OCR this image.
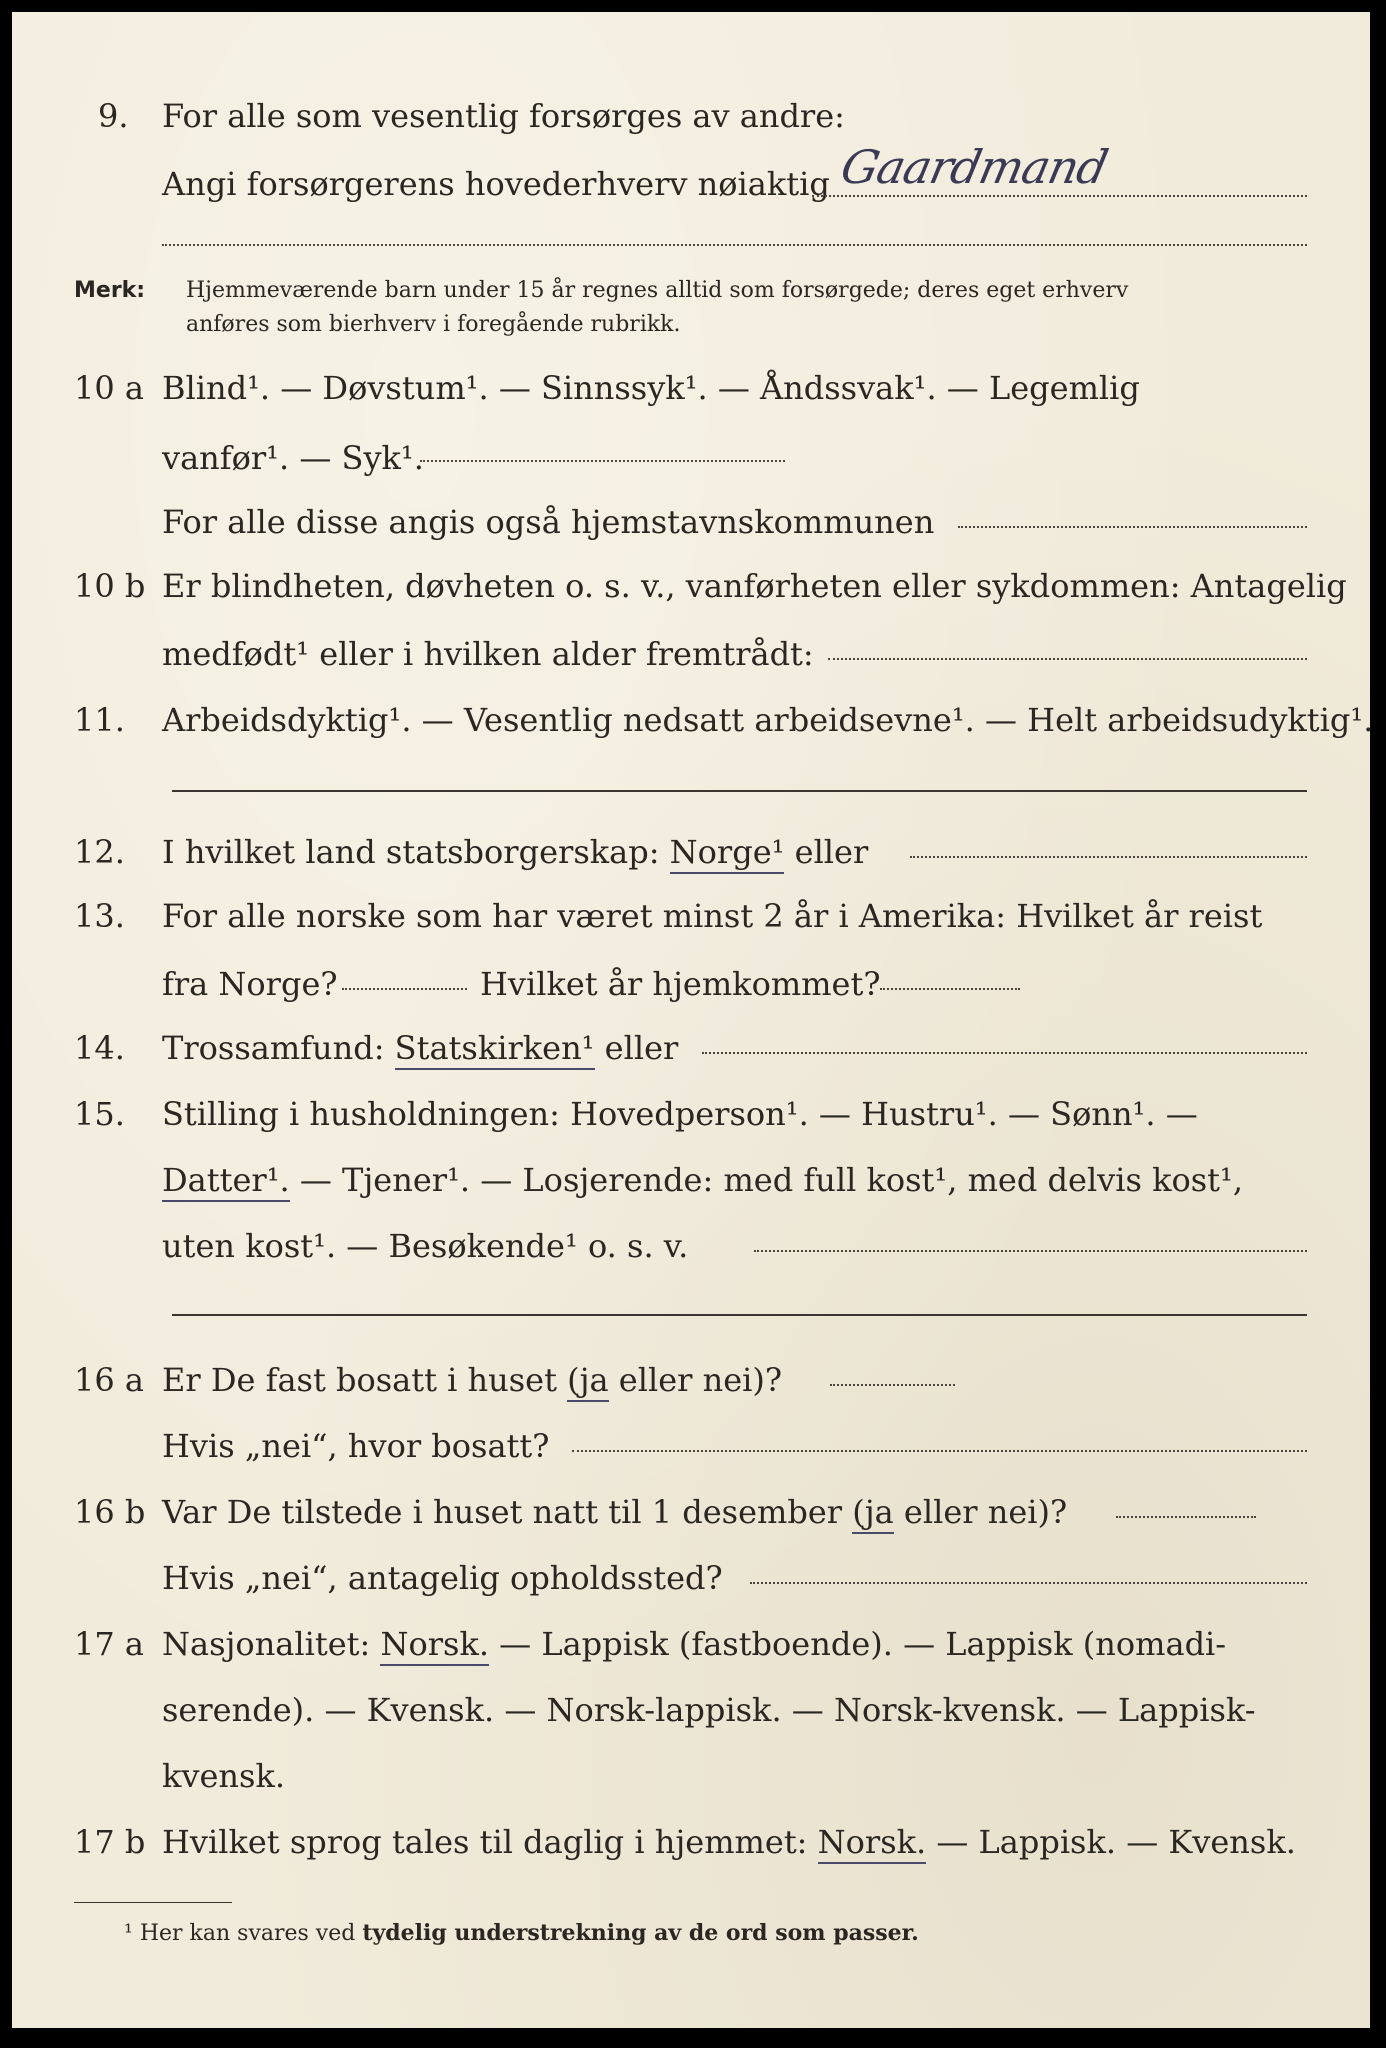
9. For alle som vesentlig forsørges av andre:
Angi forsørgerens hovederhverv nøiaktig Gaardmand
Merk: Hjemmeværende barn under 15 år regnes alltid som forsørgede; deres eget erhverv
anføres som bierhverv i foregående rubrikk.
10 a Blind¹. — Døvstum¹. — Sinnssyk¹. — Åndssvak¹. — Legemlig
vanfør¹. — Syk¹.
For alle disse angis også hjemstavnskommunen
10 b Er blindheten, døvheten o. s. v., vanførheten eller sykdommen: Antagelig
medfødt¹ eller i hvilken alder fremtrådt:
11. Arbeidsdyktig¹. — Vesentlig nedsatt arbeidsevne¹. — Helt arbeidsudyktig¹.
12. I hvilket land statsborgerskap: Norge¹ eller
13. For alle norske som har været minst 2 år i Amerika: Hvilket år reist
fra Norge?	Hvilket år hjemkommet?
14. Trossamfund: Statskirken¹ eller
15. Stilling i husholdningen: Hovedperson¹. — Hustru¹. — Sønn¹. —
Datter¹. — Tjener¹. — Losjerende: med full kost¹, med delvis kost¹,
uten kost¹. — Besøkende¹ o. s. v.
16 a Er De fast bosatt i huset (ja eller nei)?
Hvis „nei“, hvor bosatt?
16 b Var De tilstede i huset natt til 1 desember (ja eller nei)?
Hvis „nei“, antagelig opholdssted?
17 a Nasjonalitet: Norsk. — Lappisk (fastboende). — Lappisk (nomadi-
serende). — Kvensk. — Norsk-lappisk. — Norsk-kvensk. — Lappisk-
kvensk.
17 b Hvilket sprog tales til daglig i hjemmet: Norsk. — Lappisk. — Kvensk.
¹ Her kan svares ved tydelig understrekning av de ord som passer.
